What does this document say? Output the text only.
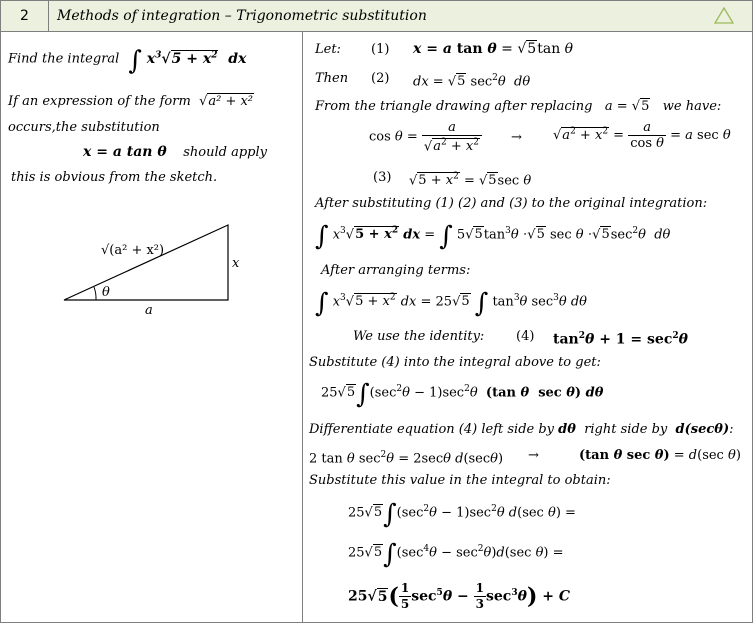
2	Methods of integration – Trigonometric substitution
Find the integral ∫ $x^3√5 + x^2$ dx
If an expression of the form √a² + x²
occurs,the substitution
x = a tan θ should apply
this is obvious from the sketch.
√(a² + x²)
x
a
θ
Let: (1) x = a tan θ = √5tan θ
Then (2) dx = √5 $\sec^2\theta$ dθ
From the triangle drawing after replacing a = √5 we have:
$\cos \theta = \frac{a}{√a^2 + x^2} \to √a^2 + x^2 = \frac{a}{\text{cos θ}} = a$ sec θ
(3) $√5 + x^2 = √5\sec$ θ
After substituting (1) (2) and (3) to the original integration:
∫ $x^3√5 + x^2$ dx = ∫ $5√5\tan^3\theta \cdot√5$ $\sec \theta \cdot√5\sec^2\theta$ dθ
After arranging terms:
∫ $x^3√5 + x^2$ dx = 25√5 ∫ $\tan^3\theta$ $\sec^3\theta$ dθ
We use the identity: (4) $\tan^2\theta + 1 = \sec^2\theta$
Substitute (4) into the integral above to get:
$25√5\int(\sec^2\theta - 1)\sec^2\theta$ (tan θ  sec θ) dθ
Differentiate equation (4) left side by dθ right side by d(secθ):
2 tan θ $\sec^2\theta = 2\sec\theta$ d(secθ) →	(tan θ sec θ) = d(sec θ)
Substitute this value in the integral to obtain:
$25√5\int(\sec^2\theta - 1)\sec^2\theta$ d(sec θ) =
$25√5\int(\sec^4\theta - \sec^2\theta)d(\sec$ θ) =
$25√5( \frac{1}{5} \sec^5\theta - \frac{1}{3} \sec^3\theta) + C$
